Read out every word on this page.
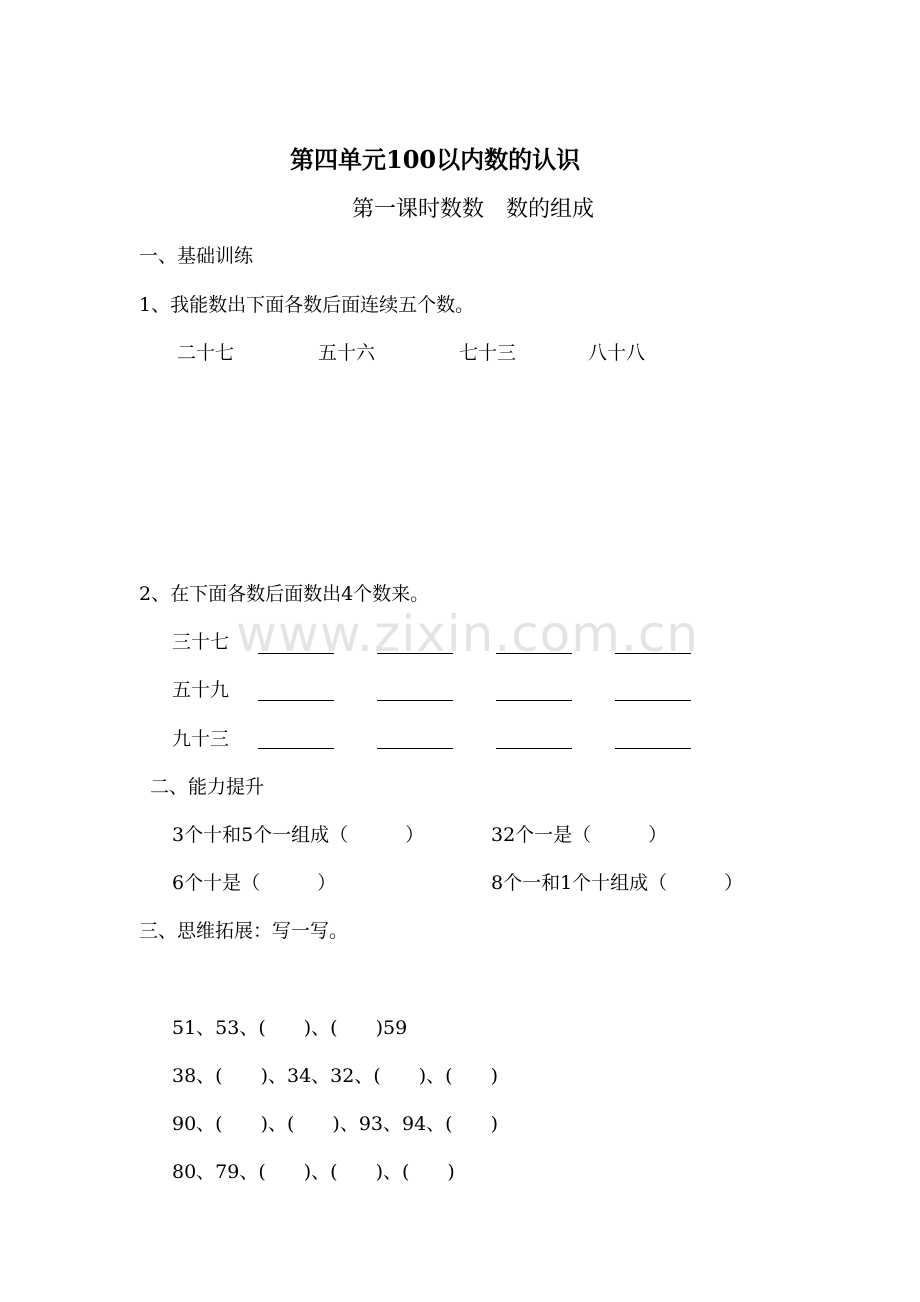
第四单元100以内数的认识
第一课时数数　数的组成
一、基础训练
1、我能数出下面各数后面连续五个数。
二十七	五十六	七十三	八十八
2、在下面各数后面数出4个数来。
三十七
五十九
九十三
二、能力提升
3个十和5个一组成（　　　）	32个一是（　　　）
6个十是（　　　）	8个一和1个十组成（　　　）
三、思维拓展：写一写。
51、53、(　　)、(　　)59
38、(　　)、34、32、(　　)、(　　)
90、(　　)、(　　)、93、94、(　　)
80、79、(　　)、(　　)、(　　)
www.zixin.com.cn
